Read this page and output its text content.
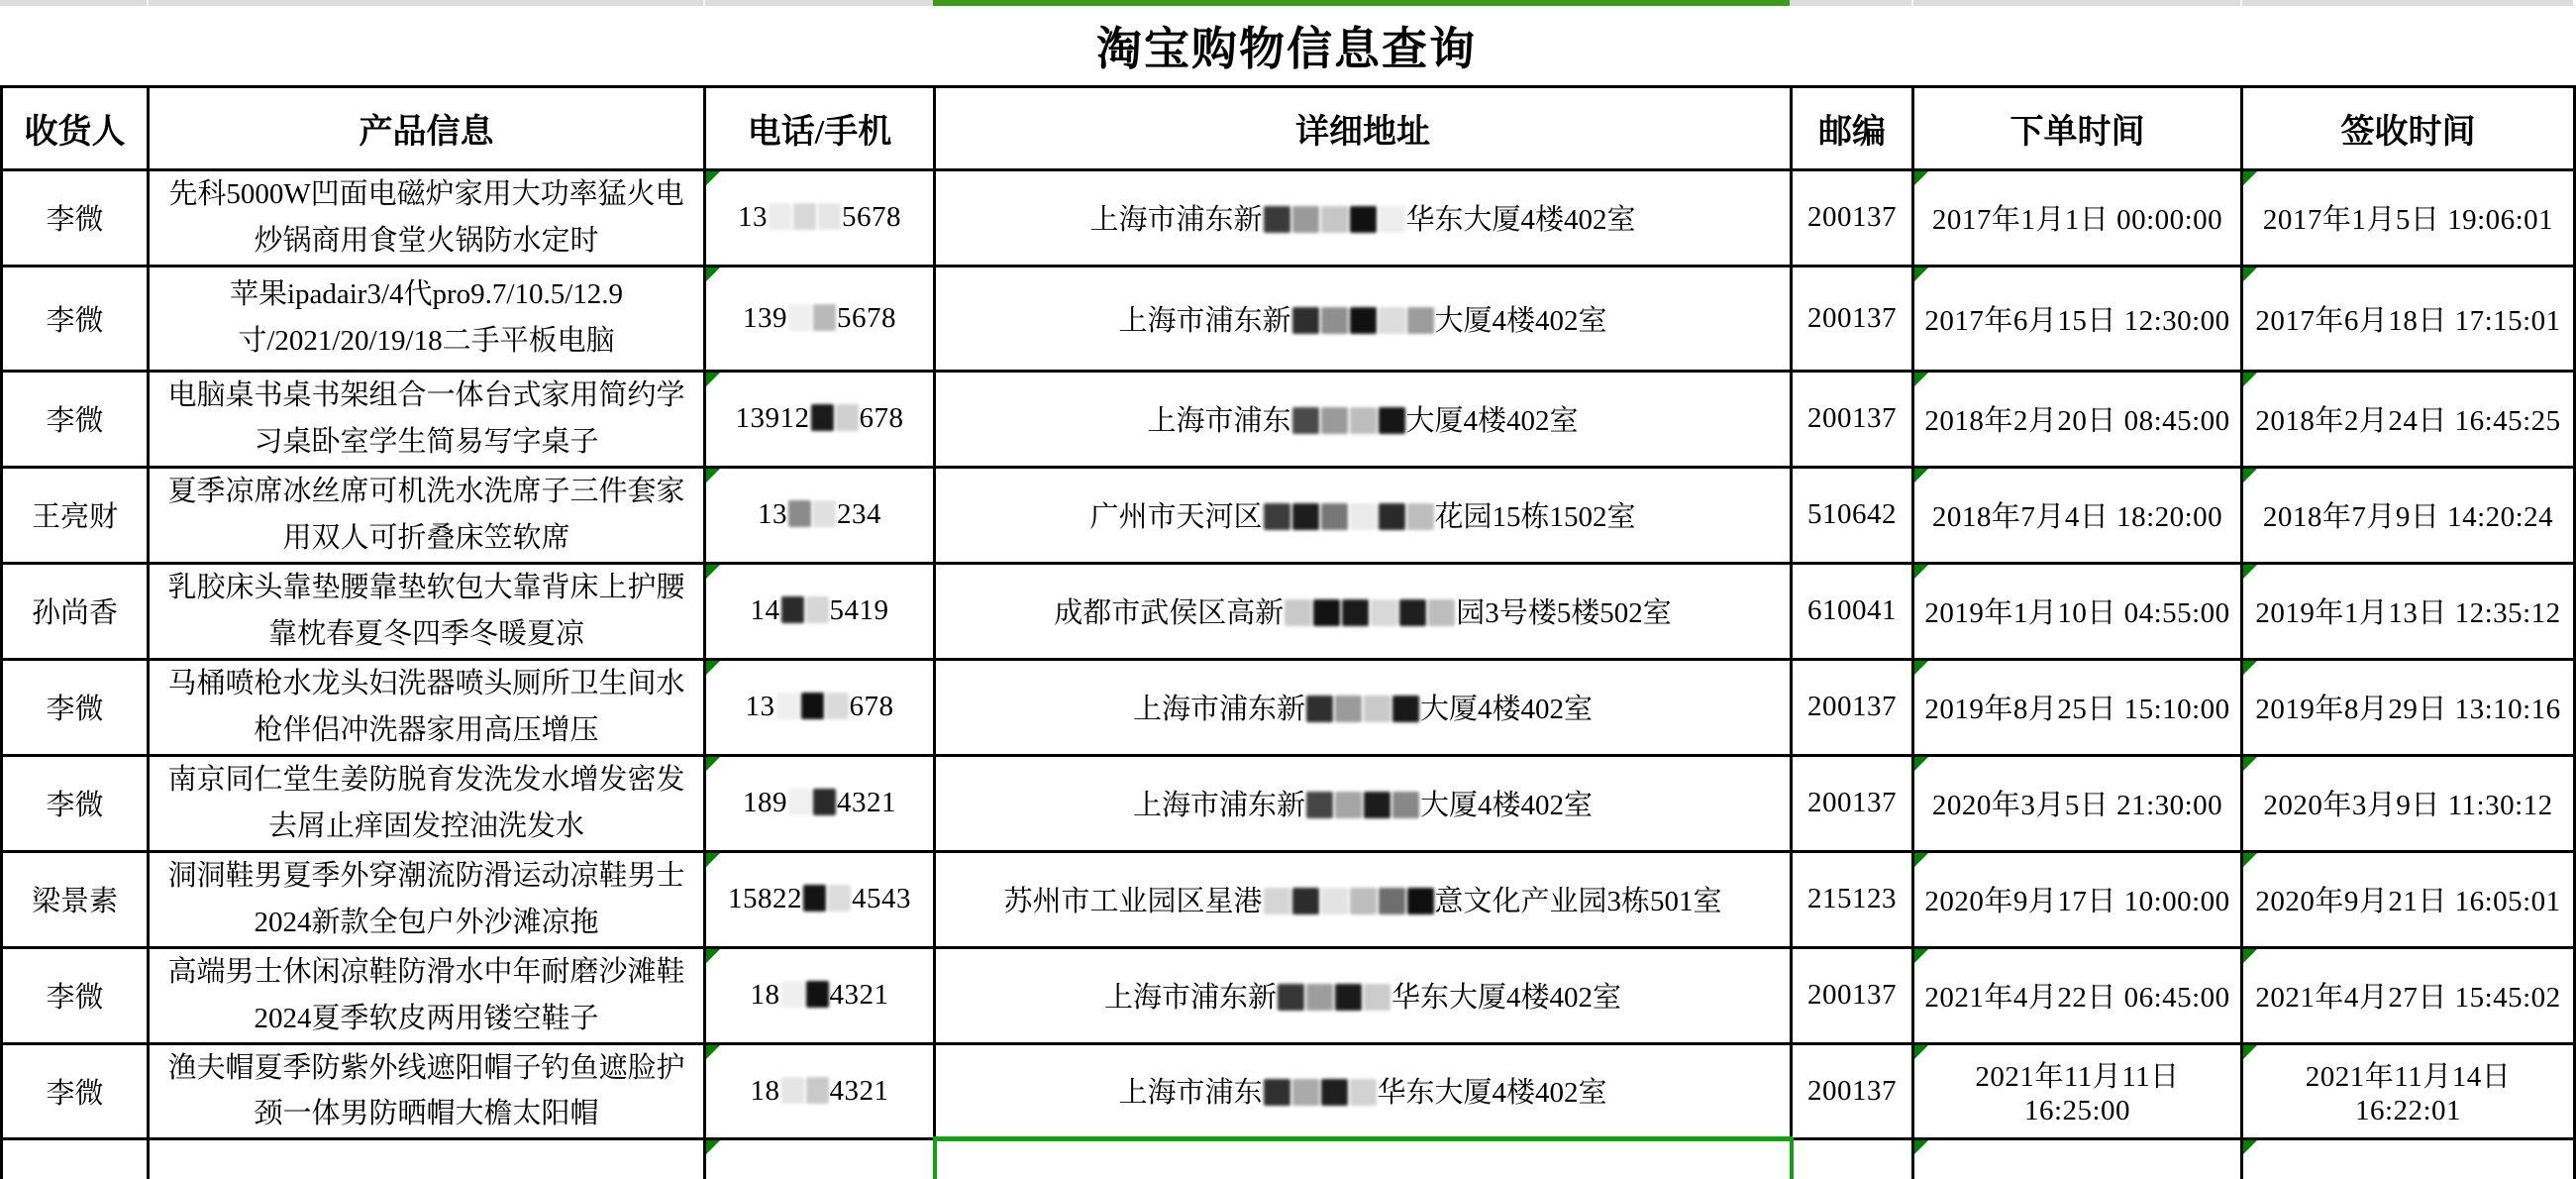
淘宝购物信息查询
收货人	产品信息	电话/手机	详细地址	邮编	下单时间	签收时间
李微	先科5000W凹面电磁炉家用大功率猛火电炒锅商用食堂火锅防水定时	13 5678	上海市浦东新 华东大厦4楼402室	200137	2017年1月1日 00:00:00	2017年1月5日 19:06:01
李微	苹果ipadair3/4代pro9.7/10.5/12.9寸/2021/20/19/18二手平板电脑	139 5678	上海市浦东新 大厦4楼402室	200137	2017年6月15日 12:30:00	2017年6月18日 17:15:01
李微	电脑桌书桌书架组合一体台式家用简约学习桌卧室学生简易写字桌子	13912 678	上海市浦东 大厦4楼402室	200137	2018年2月20日 08:45:00	2018年2月24日 16:45:25
王亮财	夏季凉席冰丝席可机洗水洗席子三件套家用双人可折叠床笠软席	13 234	广州市天河区 花园15栋1502室	510642	2018年7月4日 18:20:00	2018年7月9日 14:20:24
孙尚香	乳胶床头靠垫腰靠垫软包大靠背床上护腰靠枕春夏冬四季冬暖夏凉	14 5419	成都市武侯区高新 园3号楼5楼502室	610041	2019年1月10日 04:55:00	2019年1月13日 12:35:12
李微	马桶喷枪水龙头妇洗器喷头厕所卫生间水枪伴侣冲洗器家用高压增压	13 678	上海市浦东新 大厦4楼402室	200137	2019年8月25日 15:10:00	2019年8月29日 13:10:16
李微	南京同仁堂生姜防脱育发洗发水增发密发去屑止痒固发控油洗发水	189 4321	上海市浦东新 大厦4楼402室	200137	2020年3月5日 21:30:00	2020年3月9日 11:30:12
梁景素	洞洞鞋男夏季外穿潮流防滑运动凉鞋男士2024新款全包户外沙滩凉拖	15822 4543	苏州市工业园区星港 意文化产业园3栋501室	215123	2020年9月17日 10:00:00	2020年9月21日 16:05:01
李微	高端男士休闲凉鞋防滑水中年耐磨沙滩鞋2024夏季软皮两用镂空鞋子	18 4321	上海市浦东新 华东大厦4楼402室	200137	2021年4月22日 06:45:00	2021年4月27日 15:45:02
李微	渔夫帽夏季防紫外线遮阳帽子钓鱼遮脸护颈一体男防晒帽大檐太阳帽	18 4321	上海市浦东 华东大厦4楼402室	200137	2021年11月11日 16:25:00	2021年11月14日 16:22:01
